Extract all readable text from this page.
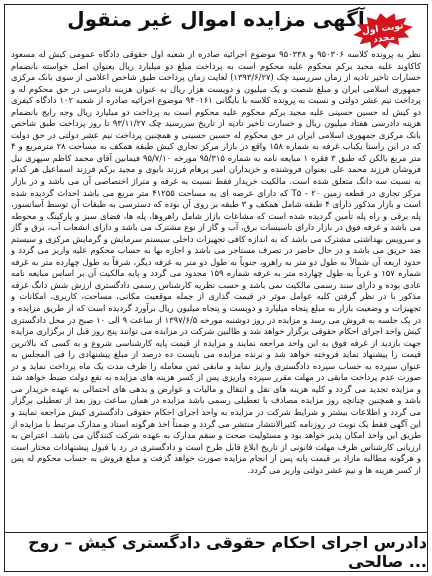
آگهی مزایده اموال غیر منقول
نوبت اول مجدد
نظر به پرونده کلاسه ۹۵۰۳۰۶ و ۹۵۰۳۳۸ موضوع اجرائیه صادره از شعبه اول حقوقی دادگاه عمومی کیش له مسعود کاکاوند علیه مجید برکم محکوم علیه محکوم است به پرداخت مبلغ دو میلیارد ریال بعنوان اصل خواسته بانضمام خسارات تاخیر تادیه از زمان سررسید چک (۱۳۹۳/۶/۲۷) لغایت زمان پرداخت طبق شاخص اعلامی از سوی بانک مرکزی جمهوری اسلامی ایران و مبلغ شصت و یک میلیون و دویست هزار ریال به عنوان هزینه دادرسی در حق محکوم له و پرداخت نیم عشر دولتی و نسبت به پرونده کلاسه با بایگانی ۹۴۰۱۶۱ موضوع اجرائیه صادره از شعبه ۱۰۲ دادگاه کیفری دو کیش له حسین حسینی علیه مجید برکم محکوم علیه محکوم است به پرداخت دو میلیارد ریال وجه رایج بانضمام هزینه دادرسی هفتاد میلیون ریال و خسارت تاخیر تادیه از تاریخ سررسید چک ۹۳/۱۱/۲۷ تا روز پرداخت طبق شاخص بانک مرکزی جمهوری اسلامی ایران در حق محکوم له حسین حسینی و همچنین پرداخت نیم عشر دولتی در حق دولت که در این راستا یکباب غرفه به شماره ۱۵۸ واقع در بازار مرکز تجاری کیش طبقه همکف به مساحت ۲۸ مترمربع و ۴ متر مربع بالکن که طبق ۳ فقره ۱ مبایعه نامه به شماره ۹۵/۳۱۵ مورخه ۹۵/۷/۱۰ فیمابین آقای محمد کاظم سپهری نیل فروشان فرزند محمد علی بعنوان فروشنده و خریداران امیر پرهام فرزند بابوی و مجید برکم فرزند اسماعیل هر کدام به نسبت سه دانگ متعلق شده است. مالکیت خریدار فقط نسبت به غرفه و متراژ اختصاصی آن می باشد و در بازار مرکز تجاری در قطعه زمین ۲۰ - T۵ که دارای عرصه ای به مساحت ۴۱۲۵۵ متر مربع می باشد احداث گردیده شده است و بازار مذکور دارای ۴ طبقه شامل همکف و ۳ طبقه بر روی آن بوده که دسترسی به طبقات آن توسط آسانسور، پله برقی و راه پله تأمین گردیده شده است که مشاعات بازار شامل راهروها، پله ها، فضای سبز و پارکینگ و محوطه می باشد و غرفه فوق در بازار دارای تاسیسات برق، آب و گاز از نوع مشترک می باشد و دارای انشعاب آب، برق و گاز و سرویس بهداشتی مشترک می باشد که به اندازه کافی تجهیزات داخلی سیستم سرمایش و گرمایش مرکزی و سیستم ضد حریق می باشد و در حال حاضر در تصرف مستاجر می باشد و اجاره بها به حساب محکوم علیه واریز می گردد و حدود اربعه آن شمالاً به طول دو متر به راهرو، جنوباً به طول دو متر به غرفه دیگر، شرقاً به طول چهارده متر به غرفه شماره ۱۵۷ و غرباً به طول چهارده متر به غرفه شماره ۱۵۹ محدود می گردد و پایه مالکیت آن بر اساس مبایعه نامه عادی بوده و دارای سند رسمی مالکیت نمی باشد و حسب نظریه کارشناس رسمی دادگستری ارزش شش دانگ غرفه مذکور با در نظر گرفتن کلیه عوامل موثر در قیمت گذاری از جمله موقعیت مکانی، مساحت، کاربری، امکانات و تجهیزات و وضعیت بازار به مبلغ پنجاه میلیارد و دویست و پنجاه میلیون ریال برآورد گردیده است که از طریق مزایده و در یک جلسه به فروش می رسد و مزایده در روز دوشنبه مورخه ۱۳۹۷/۶/۵ از ساعت ۹ الی ۱۰ صبح در محل دادگستری کیش واحد اجرای احکام حقوقی برگزار خواهد شد و طالبین شرکت در مزایده می توانند پنج روز قبل از برگزاری مزایده جهت بازدید از غرفه فوق به این واحد مراجعه نمایند و مزایده از قیمت پایه کارشناسی شروع و به کسی که بالاترین قیمت را پیشنهاد نماید فروخته خواهد شد و برنده مزایده می بایست ده درصد از مبلغ پیشنهادی را فی المجلس به عنوان سپرده به حساب سپرده دادگستری واریز نماید و مابقی ثمن معامله را ظرف مدت یک ماه پرداخت نماید و در صورت عدم پرداخت مابقی در مهلت مقرر سپرده واریزی پس از کسر هزینه های مزایده به نفع دولت ضبط خواهد شد و مزایده تجدید می گردد و کلیه هزینه های نقل و انتقال و مالیات و عوارض و بدهی های احتمالی به عهده خریدار می باشد و همچنین چنانچه روز مزایده مصادف با تعطیلی رسمی باشد مزایده در همان ساعت روز بعد از تعطیلی برگزار می گردد و اطلاعات بیشتر و شرایط شرکت در مزایده به واحد اجرای احکام حقوقی دادگستری کیش مراجعه نمایند و این آگهی فقط یک نوبت در روزنامه کثیرالانتشار منتشر می گردد و ضمناً اخذ هرگونه اسناد و مدارک مرتبط با مزایده از طریق این واحد امکان پذیر خواهد بود و مسئولیت صحت و سقم مدارک به عهده شرکت کنندگان می باشد. اعتراض به ارزیابی کارشناس ظرف مهلت قانونی از تاریخ ابلاغ قابل طرح است و دادگستری در رد یا قبول پیشنهادات مختار است و هرگونه مطالبه مازاد بر قیمت پایه پس از انجام مزایده صورت خواهد گرفت و مبلغ فروش به حساب محکوم له پس از کسر هزینه ها و نیم عشر دولتی واریز می گردد.
دادرس اجرای احکام حقوقی دادگستری کیش – روح ... صالحی
